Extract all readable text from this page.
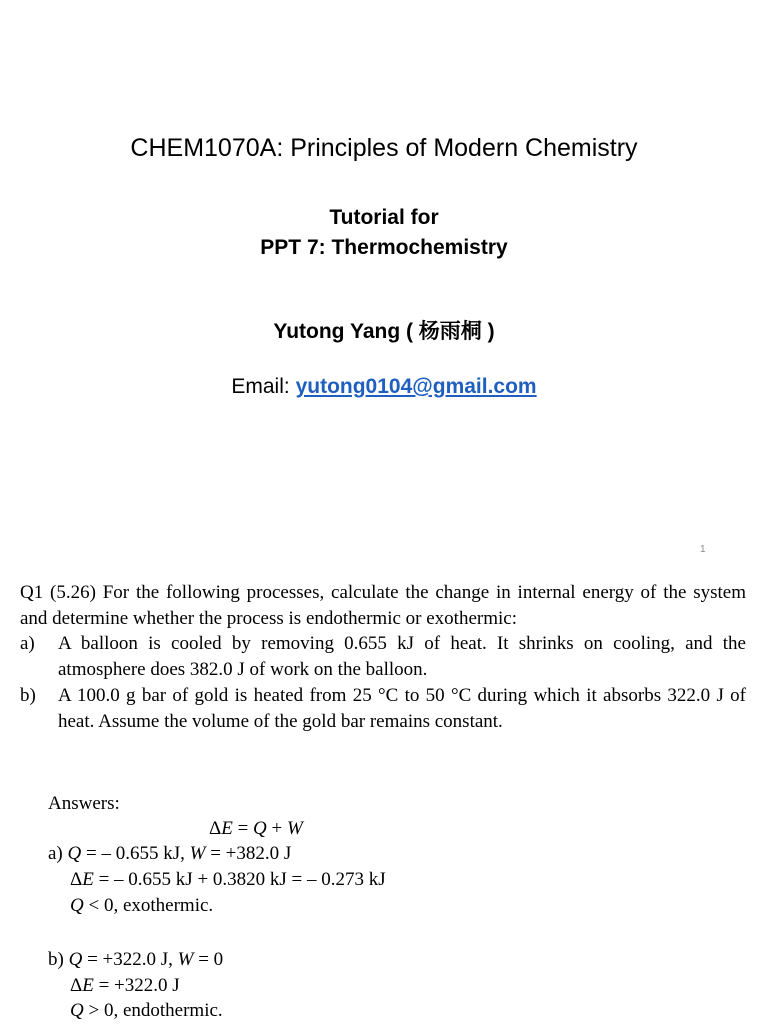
CHEM1070A: Principles of Modern Chemistry
Tutorial for
PPT 7: Thermochemistry
Yutong Yang ( 杨雨桐 )
Email: yutong0104@gmail.com
1
Q1 (5.26) For the following processes, calculate the change in internal energy of the system and determine whether the process is endothermic or exothermic:
a) A balloon is cooled by removing 0.655 kJ of heat. It shrinks on cooling, and the atmosphere does 382.0 J of work on the balloon.
b) A 100.0 g bar of gold is heated from 25 °C to 50 °C during which it absorbs 322.0 J of heat. Assume the volume of the gold bar remains constant.
Answers:
ΔE = Q + W
a) Q = – 0.655 kJ, W = +382.0 J
ΔE = – 0.655 kJ + 0.3820 kJ = – 0.273 kJ
Q < 0, exothermic.
b) Q = +322.0 J, W = 0
ΔE = +322.0 J
Q > 0, endothermic.
